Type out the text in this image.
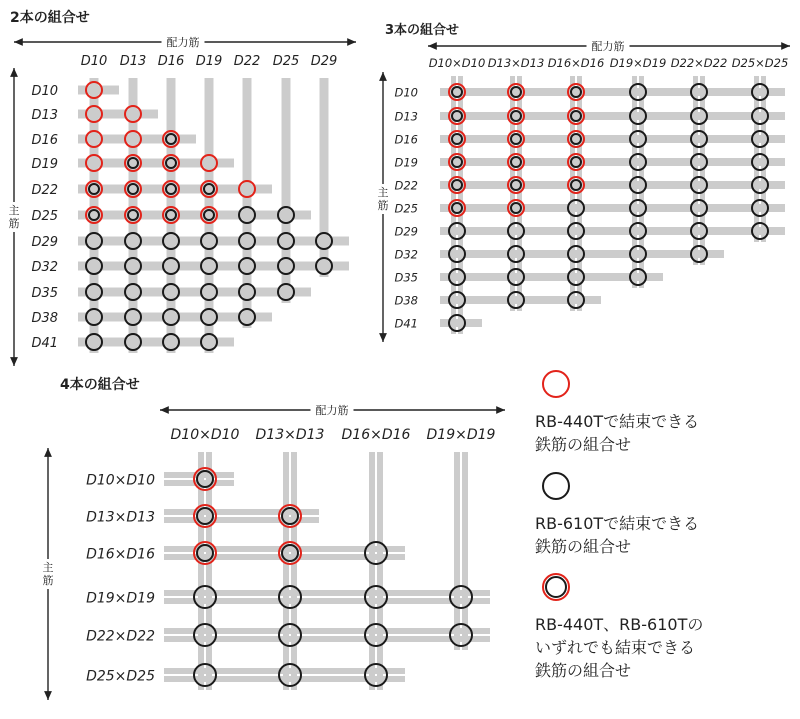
2本の組合せ
D10 D13 D16 D19 D22 D25 D29
D10
D13
D16
D19
D22
D25
D29
D32
D35
D38
D41
配力筋
主
筋
3本の組合せ
D10×D10 D13×D13 D16×D16 D19×D19 D22×D22 D25×D25
D10
D13
D16
D19
D22
D25
D29
D32
D35
D38
D41
配力筋
主
筋
4本の組合せ
D10×D10 D13×D13 D16×D16 D19×D19
D10×D10
D13×D13
D16×D16
D19×D19
D22×D22
D25×D25
配力筋
主
筋
RB-440Tで結束できる
鉄筋の組合せ
RB-610Tで結束できる
鉄筋の組合せ
RB-440T、RB-610Tの
いずれでも結束できる
鉄筋の組合せ
